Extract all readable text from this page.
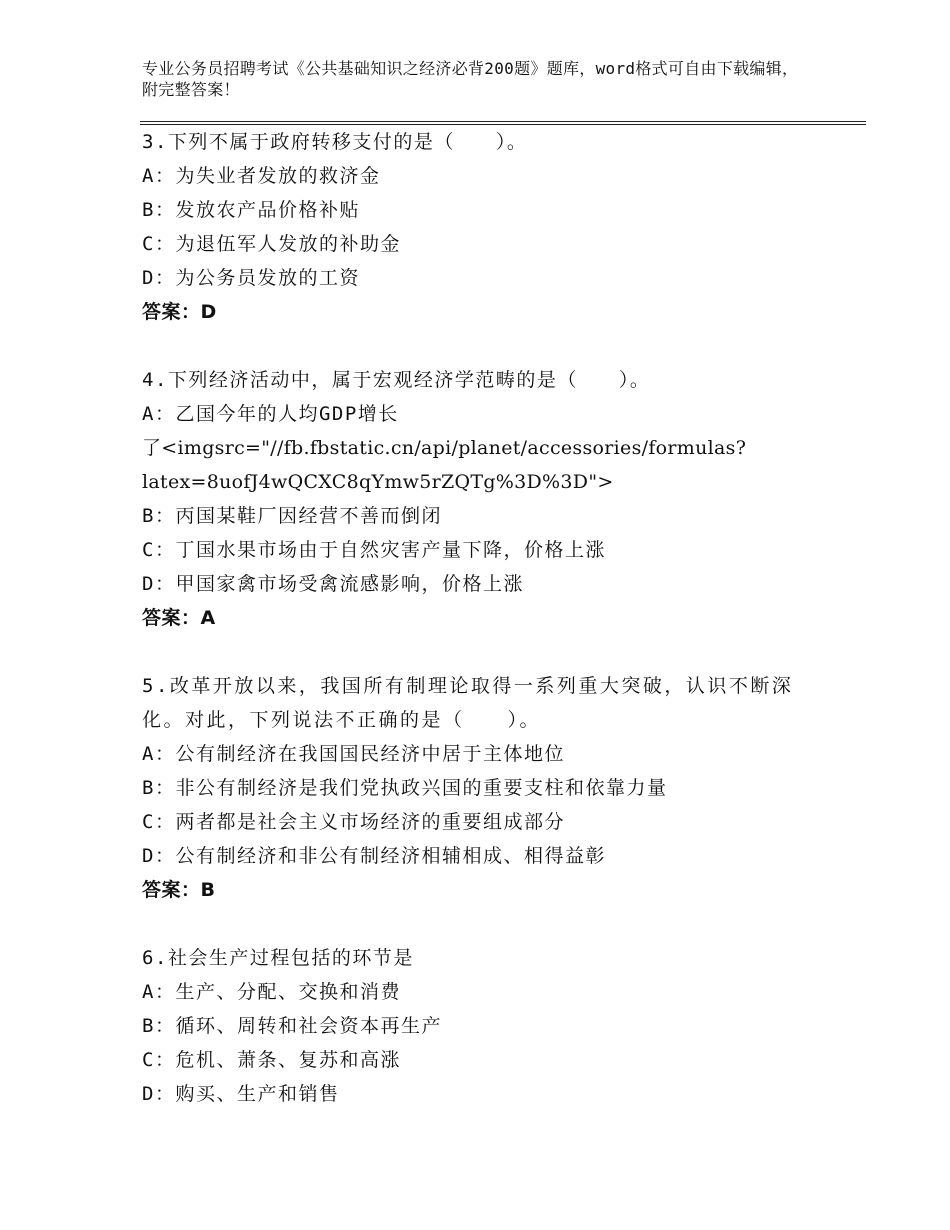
专业公务员招聘考试《公共基础知识之经济必背200题》题库，word格式可自由下载编辑，附完整答案！
3.下列不属于政府转移支付的是（　　）。
A：为失业者发放的救济金
B：发放农产品价格补贴
C：为退伍军人发放的补助金
D：为公务员发放的工资
答案：D
4.下列经济活动中，属于宏观经济学范畴的是（　　）。
A：乙国今年的人均GDP增长
了<imgsrc="//fb.fbstatic.cn/api/planet/accessories/formulas?
latex=8uofJ4wQCXC8qYmw5rZQTg%3D%3D">
B：丙国某鞋厂因经营不善而倒闭
C：丁国水果市场由于自然灾害产量下降，价格上涨
D：甲国家禽市场受禽流感影响，价格上涨
答案：A
5.改革开放以来，我国所有制理论取得一系列重大突破，认识不断深化。对此，下列说法不正确的是（　　）。
A：公有制经济在我国国民经济中居于主体地位
B：非公有制经济是我们党执政兴国的重要支柱和依靠力量
C：两者都是社会主义市场经济的重要组成部分
D：公有制经济和非公有制经济相辅相成、相得益彰
答案：B
6.社会生产过程包括的环节是
A：生产、分配、交换和消费
B：循环、周转和社会资本再生产
C：危机、萧条、复苏和高涨
D：购买、生产和销售
